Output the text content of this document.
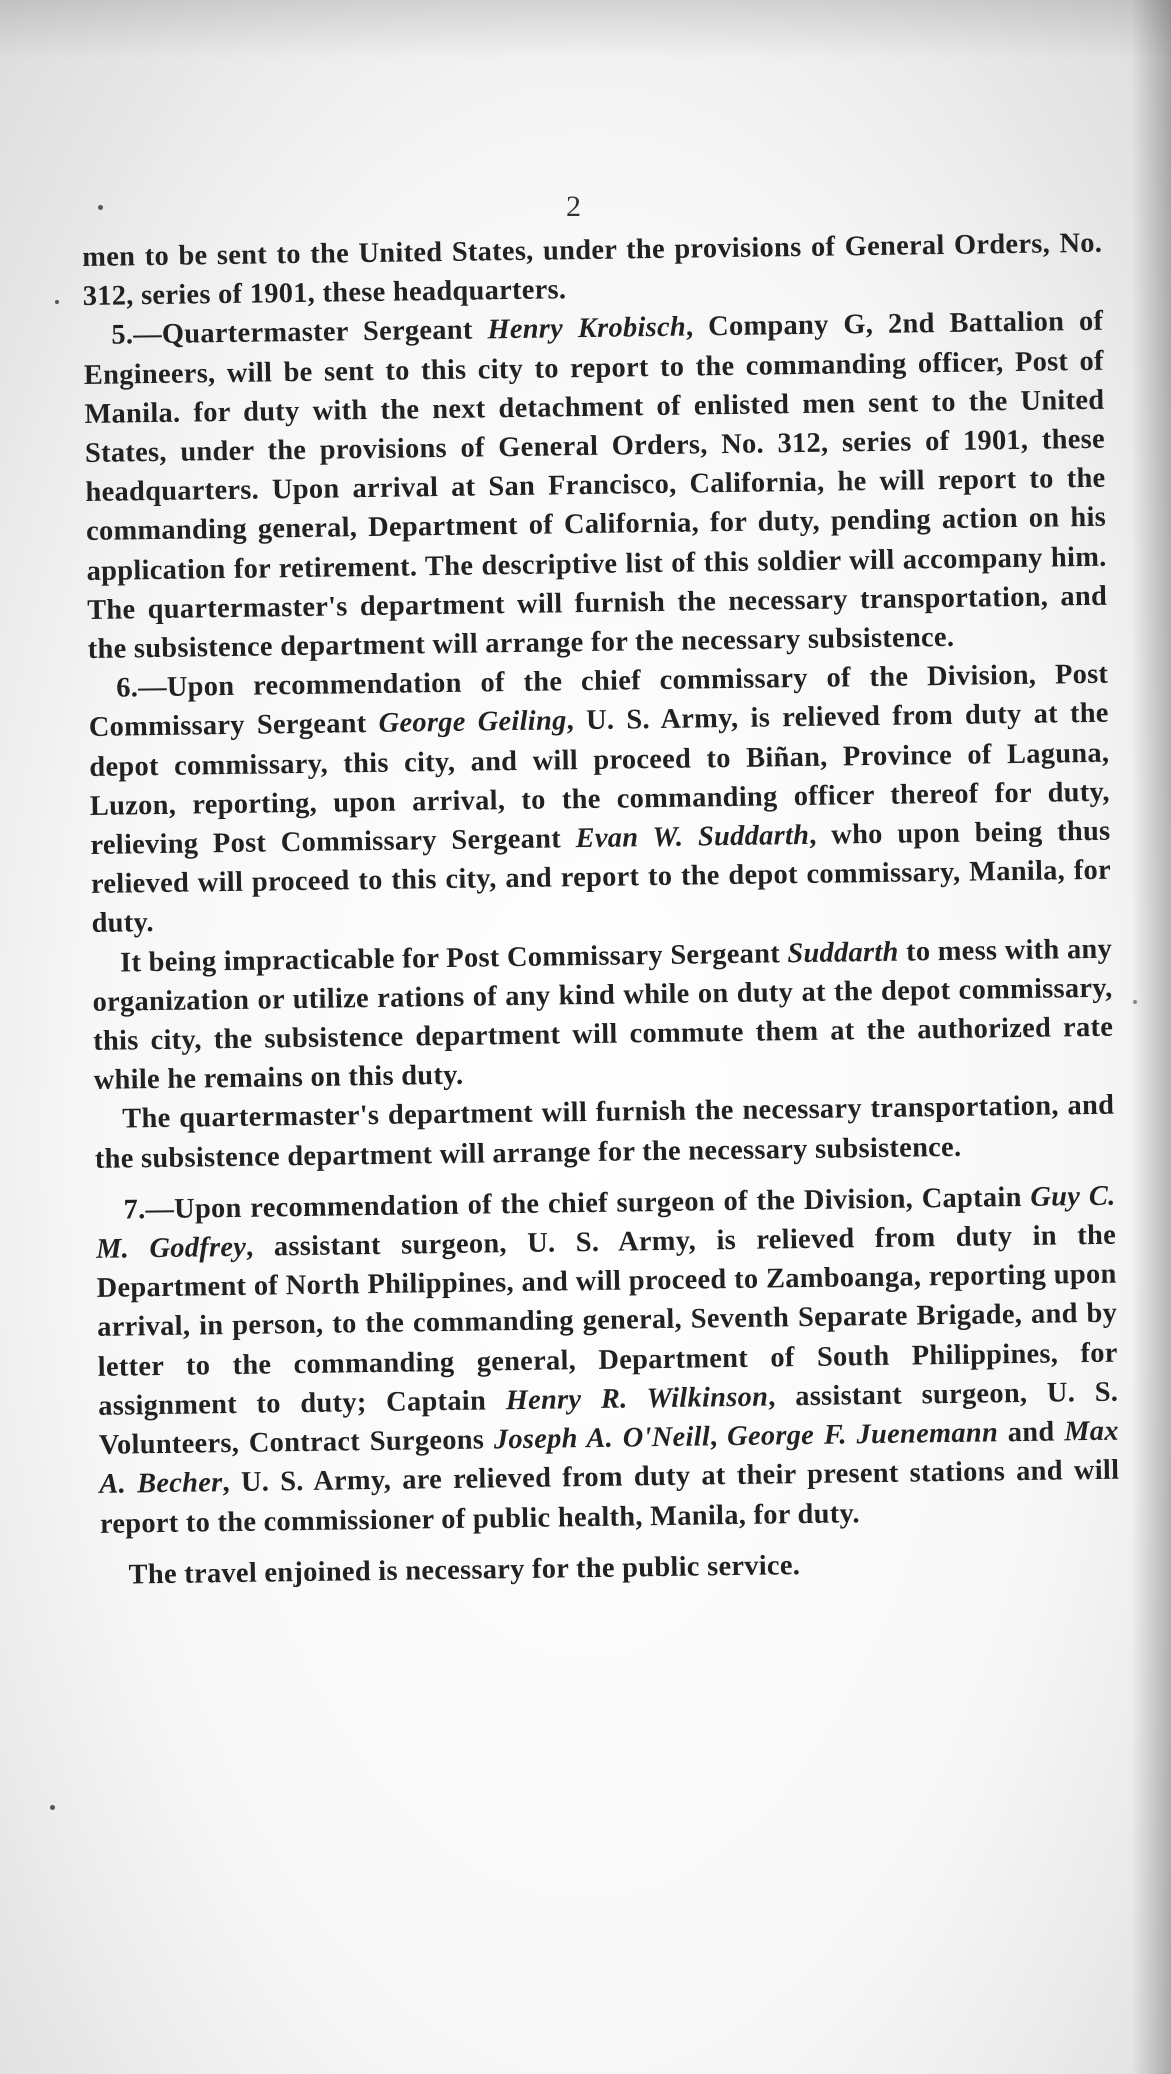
2

men to be sent to the United States, under the provisions of General Orders, No. 312, series of 1901, these headquarters.

5.—Quartermaster Sergeant Henry Krobisch, Company G, 2nd Battalion of Engineers, will be sent to this city to report to the commanding officer, Post of Manila. for duty with the next detachment of enlisted men sent to the United States, under the provisions of General Orders, No. 312, series of 1901, these headquarters. Upon arrival at San Francisco, California, he will report to the commanding general, Department of California, for duty, pending action on his application for retirement. The descriptive list of this soldier will accompany him. The quartermaster's department will furnish the necessary transportation, and the subsistence department will arrange for the necessary subsistence.

6.—Upon recommendation of the chief commissary of the Division, Post Commissary Sergeant George Geiling, U. S. Army, is relieved from duty at the depot commissary, this city, and will proceed to Biñan, Province of Laguna, Luzon, reporting, upon arrival, to the commanding officer thereof for duty, relieving Post Commissary Sergeant Evan W. Suddarth, who upon being thus relieved will proceed to this city, and report to the depot commissary, Manila, for duty.

It being impracticable for Post Commissary Sergeant Suddarth to mess with any organization or utilize rations of any kind while on duty at the depot commissary, this city, the subsistence department will commute them at the authorized rate while he remains on this duty.

The quartermaster's department will furnish the necessary transportation, and the subsistence department will arrange for the necessary subsistence.

7.—Upon recommendation of the chief surgeon of the Division, Captain Guy C. M. Godfrey, assistant surgeon, U. S. Army, is relieved from duty in the Department of North Philippines, and will proceed to Zamboanga, reporting upon arrival, in person, to the commanding general, Seventh Separate Brigade, and by letter to the commanding general, Department of South Philippines, for assignment to duty; Captain Henry R. Wilkinson, assistant surgeon, U. S. Volunteers, Contract Surgeons Joseph A. O'Neill, George F. Juenemann and Max A. Becher, U. S. Army, are relieved from duty at their present stations and will report to the commissioner of public health, Manila, for duty.

The travel enjoined is necessary for the public service.
